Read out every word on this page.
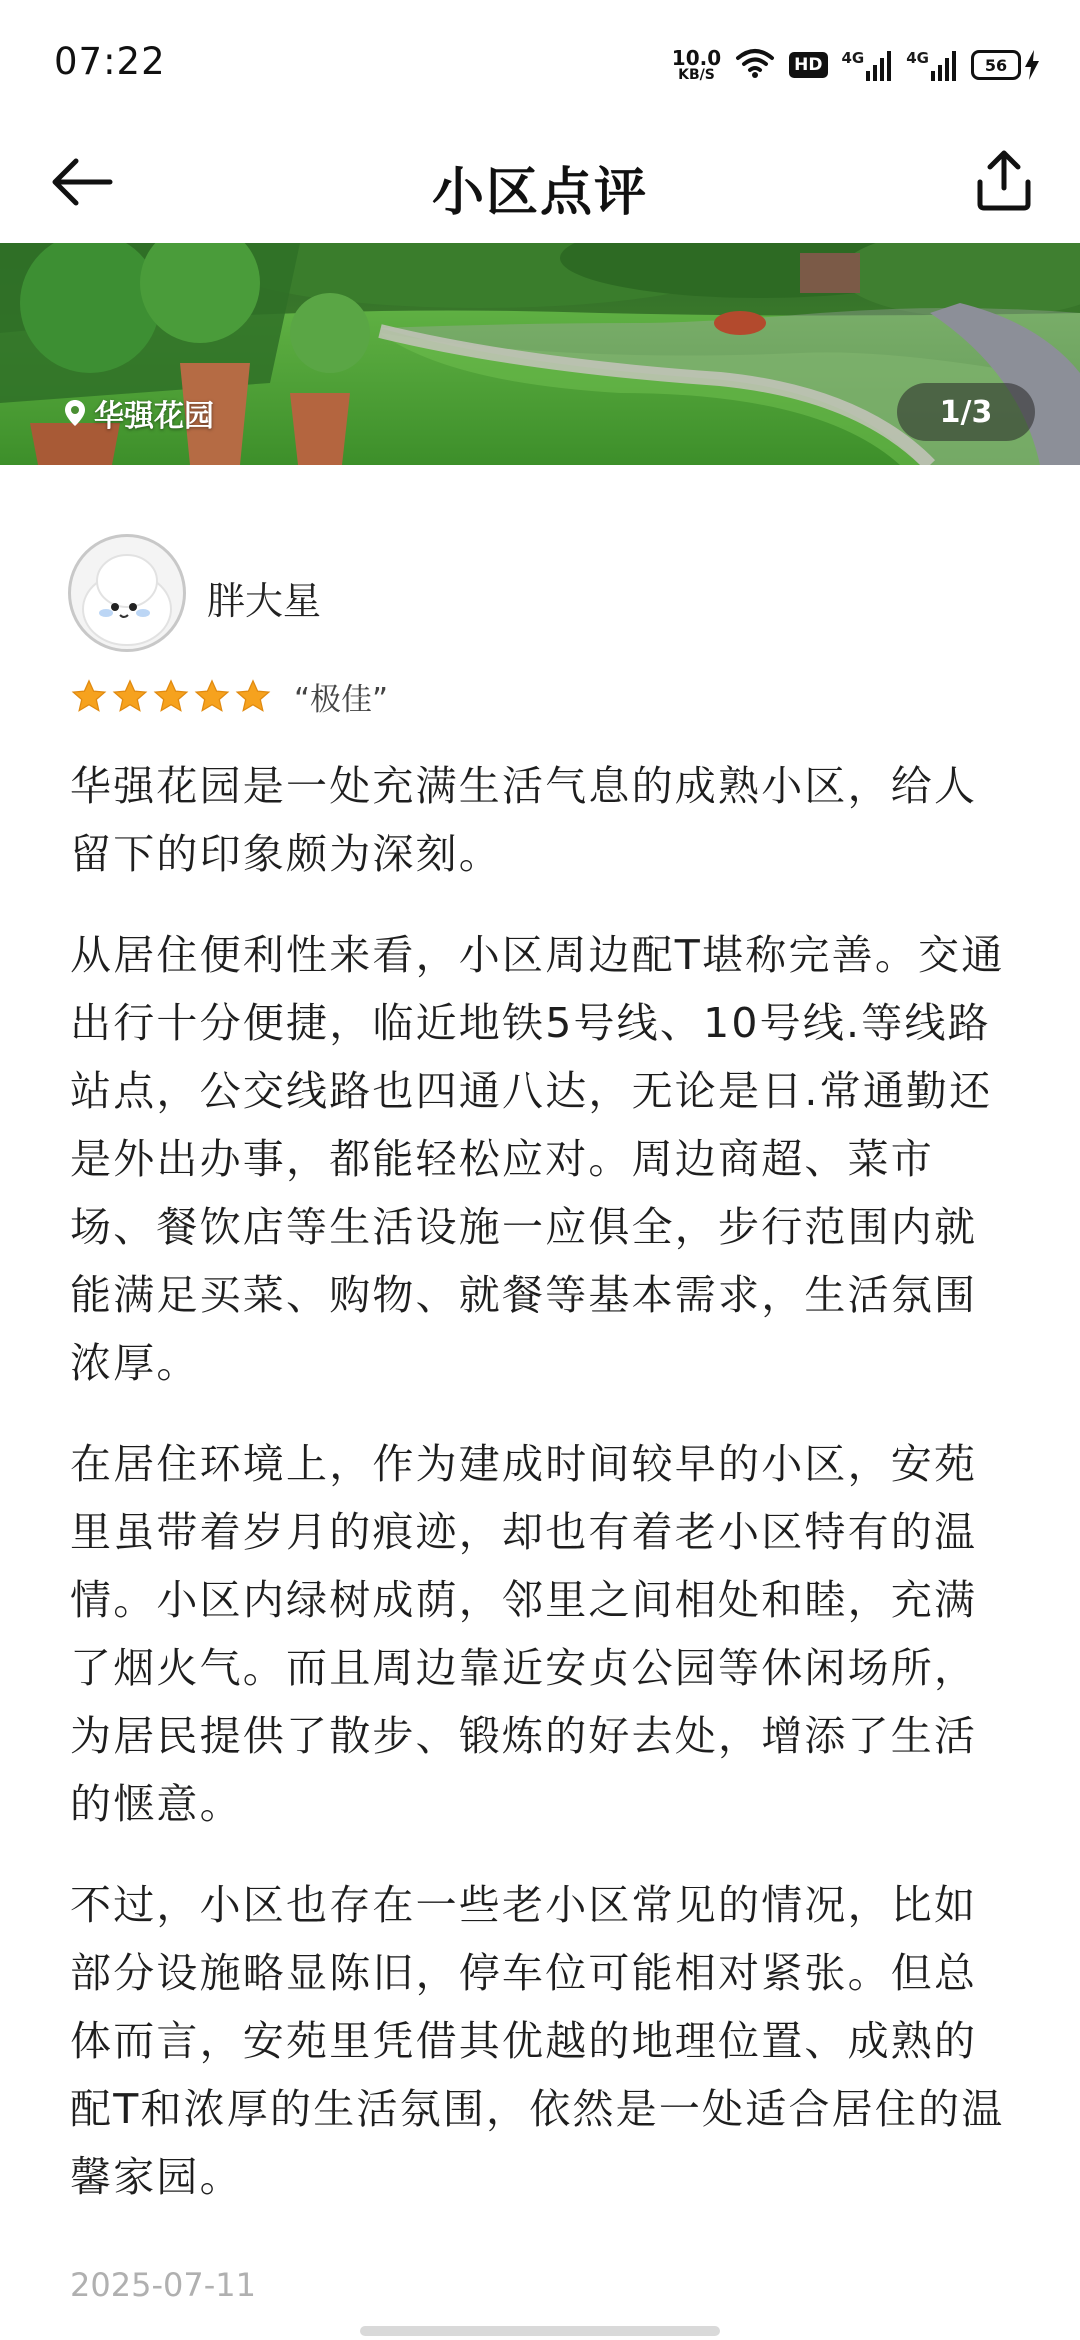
07:22	10.0
KB/S	HD	4G	4G	56
小区点评
华强花园	1/3
胖大星
“极佳”

华强花园是一处充满生活气息的成熟小区，给人留下的印象颇为深刻。

从居住便利性来看，小区周边配T堪称完善。交通出行十分便捷，临近地铁5号线、10号线.等线路站点，公交线路也四通八达，无论是日.常通勤还是外出办事，都能轻松应对。周边商超、菜市场、餐饮店等生活设施一应俱全，步行范围内就能满足买菜、购物、就餐等基本需求，生活氛围浓厚。

在居住环境上，作为建成时间较早的小区，安苑里虽带着岁月的痕迹，却也有着老小区特有的温情。小区内绿树成荫，邻里之间相处和睦，充满了烟火气。而且周边靠近安贞公园等休闲场所，为居民提供了散步、锻炼的好去处，增添了生活的惬意。

不过，小区也存在一些老小区常见的情况，比如部分设施略显陈旧，停车位可能相对紧张。但总体而言，安苑里凭借其优越的地理位置、成熟的配T和浓厚的生活氛围，依然是一处适合居住的温馨家园。

2025-07-11
